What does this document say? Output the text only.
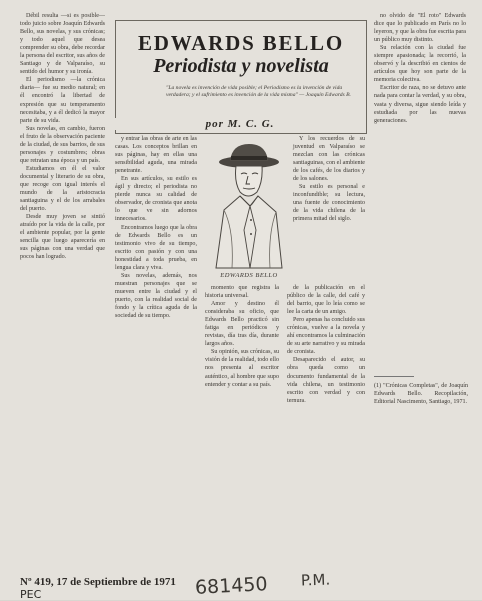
Débil resulta —si es posible— todo juicio sobre Joaquín Edwards Bello, sus novelas, y sus crónicas; y todo aquel que desea comprender su obra, debe recordar la persona del escritor, sus años de Santiago y de Valparaíso, su sentido del humor y su ironía.

El periodismo —la crónica diaria— fue su medio natural; en él encontró la libertad de expresión que su temperamento necesitaba, y a él dedicó la mayor parte de su vida.

Sus novelas, en cambio, fueron el fruto de la observación paciente de la ciudad, de sus barrios, de sus personajes y costumbres; obras que retratan una época y un país.

Estudiamos en él el valor documental y literario de su obra, que recoge con igual interés el mundo de la aristocracia santiaguina y el de los arrabales del puerto.

Desde muy joven se sintió atraído por la vida de la calle, por el ambiente popular, por la gente sencilla que luego aparecería en sus páginas con una verdad que pocos han logrado.

EDWARDS BELLO
Periodista y novelista
"La novela es invención de vida posible; el Periodismo es la invención de vida verdadera; y el sufrimiento es invención de la vida misma" — Joaquín Edwards B.
por M. C. G.

y entrar las obras de arte en las casas. Los conceptos brillan en sus páginas, hay en ellas una sensibilidad aguda, una mirada penetrante.

En sus artículos, su estilo es ágil y directo; el periodista no pierde nunca su calidad de observador, de cronista que anota lo que ve sin adornos innecesarios.

Encontramos luego que la obra de Edwards Bello es un testimonio vivo de su tiempo, escrito con pasión y con una honestidad a toda prueba, en lengua clara y viva.

Sus novelas, además, nos muestran personajes que se mueven entre la ciudad y el puerto, con la realidad social de fondo y la crítica aguda de la sociedad de su tiempo.

EDWARDS BELLO

Y los recuerdos de su juventud en Valparaíso se mezclan con las crónicas santiaguinas, con el ambiente de los cafés, de los diarios y de los salones.

Su estilo es personal e inconfundible; su lectura, una fuente de conocimiento de la vida chilena de la primera mitad del siglo.

momento que registra la historia universal.

Amor y destino él consideraba su oficio, que Edwards Bello practicó sin fatiga en periódicos y revistas, día tras día, durante largos años.

Su opinión, sus crónicas, su visión de la realidad, todo ello nos presenta al escritor auténtico, al hombre que supo entender y contar a su país.

de la publicación en el público de la calle, del café y del barrio, que lo leía como se lee la carta de un amigo.

Pero apenas ha concluido sus crónicas, vuelve a la novela y ahí encontramos la culminación de su arte narrativo y su mirada de cronista.

Desaparecido el autor, su obra queda como un documento fundamental de la vida chilena, un testimonio escrito con verdad y con ternura.

no olvido de "El roto" Edwards dice que lo publicado en París no lo leyeron, y que la obra fue escrita para un público muy distinto.

Su relación con la ciudad fue siempre apasionada; la recorrió, la observó y la describió en cientos de artículos que hoy son parte de la memoria colectiva.

Escritor de raza, no se detuvo ante nada para contar la verdad, y su obra, vasta y diversa, sigue siendo leída y estudiada por las nuevas generaciones.

(1) "Crónicas Completas", de Joaquín Edwards Bello. Recopilación, Editorial Nascimento, Santiago, 1971.
Nº 419, 17 de Septiembre de 1971
PEC	681450 P.M.
